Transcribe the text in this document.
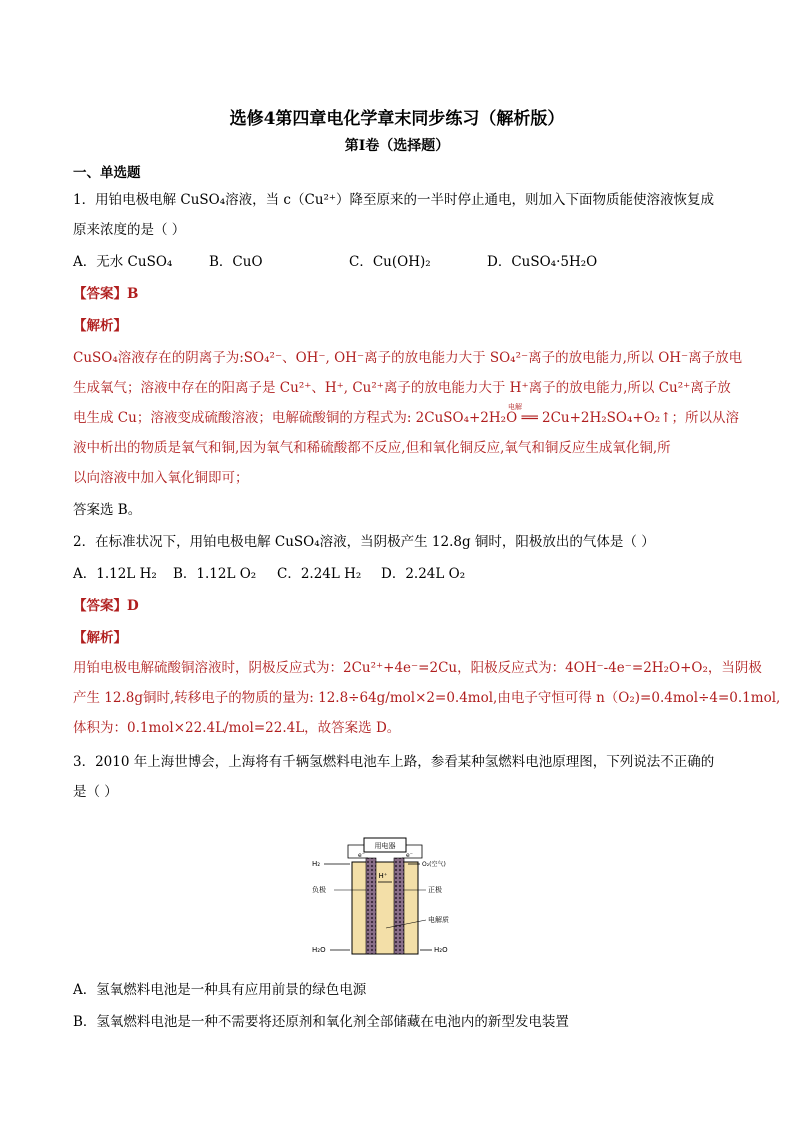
选修4第四章电化学章末同步练习（解析版）
第I卷（选择题）
一、单选题
1．用铂电极电解 CuSO₄溶液，当 c（Cu²⁺）降至原来的一半时停止通电，则加入下面物质能使溶液恢复成
原来浓度的是（ ）
A．无水 CuSO₄	B．CuO	C．Cu(OH)₂	D．CuSO₄·5H₂O
【答案】B
【解析】
CuSO₄溶液存在的阴离子为:SO₄²⁻、OH⁻, OH⁻离子的放电能力大于 SO₄²⁻离子的放电能力,所以 OH⁻离子放电
生成氧气；溶液中存在的阳离子是 Cu²⁺、H⁺, Cu²⁺离子的放电能力大于 H⁺离子的放电能力,所以 Cu²⁺离子放
电生成 Cu；溶液变成硫酸溶液；电解硫酸铜的方程式为: 2CuSO₄+2H₂O ══ 2Cu+2H₂SO₄+O₂↑；所以从溶
电解
液中析出的物质是氧气和铜,因为氧气和稀硫酸都不反应,但和氧化铜反应,氧气和铜反应生成氧化铜,所
以向溶液中加入氧化铜即可；
答案选 B。
2．在标准状况下，用铂电极电解 CuSO₄溶液，当阴极产生 12.8g 铜时，阳极放出的气体是（ ）
A．1.12L H₂ B．1.12L O₂ C．2.24L H₂ D．2.24L O₂
【答案】D
【解析】
用铂电极电解硫酸铜溶液时，阴极反应式为：2Cu²⁺+4e⁻=2Cu，阳极反应式为：4OH⁻-4e⁻=2H₂O+O₂，当阴极
产生 12.8g铜时,转移电子的物质的量为: 12.8÷64g/mol×2=0.4mol,由电子守恒可得 n（O₂)=0.4mol÷4=0.1mol,
体积为：0.1mol×22.4L/mol=22.4L，故答案选 D。
3．2010 年上海世博会，上海将有千辆氢燃料电池车上路，参看某种氢燃料电池原理图，下列说法不正确的
是（ ）
用电器
e⁻	e⁻
H₂	O₂(空气)
H⁺
负极	正极
电解质
H₂O	H₂O
A．氢氧燃料电池是一种具有应用前景的绿色电源
B．氢氧燃料电池是一种不需要将还原剂和氧化剂全部储藏在电池内的新型发电装置
